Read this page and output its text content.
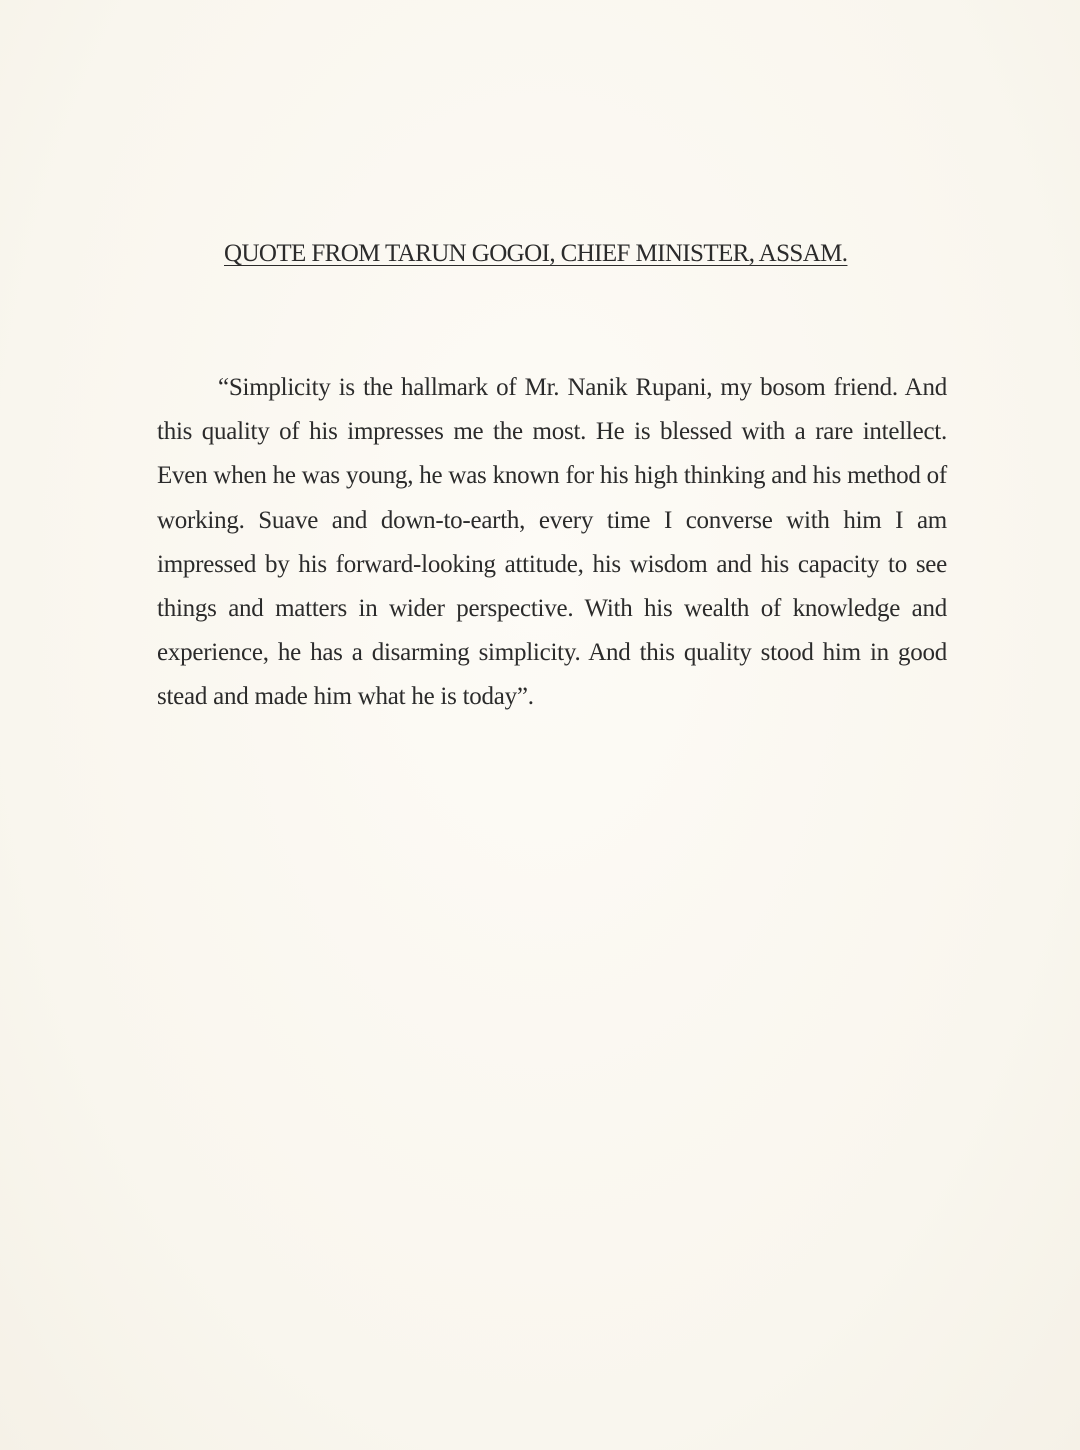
QUOTE FROM TARUN GOGOI, CHIEF MINISTER, ASSAM.

“Simplicity is the hallmark of Mr. Nanik Rupani, my bosom friend. And this quality of his impresses me the most. He is blessed with a rare intellect. Even when he was young, he was known for his high thinking and his method of working. Suave and down-to-earth, every time I converse with him I am impressed by his forward-looking attitude, his wisdom and his capacity to see things and matters in wider perspective. With his wealth of knowledge and experience, he has a disarming simplicity. And this quality stood him in good stead and made him what he is today”.
